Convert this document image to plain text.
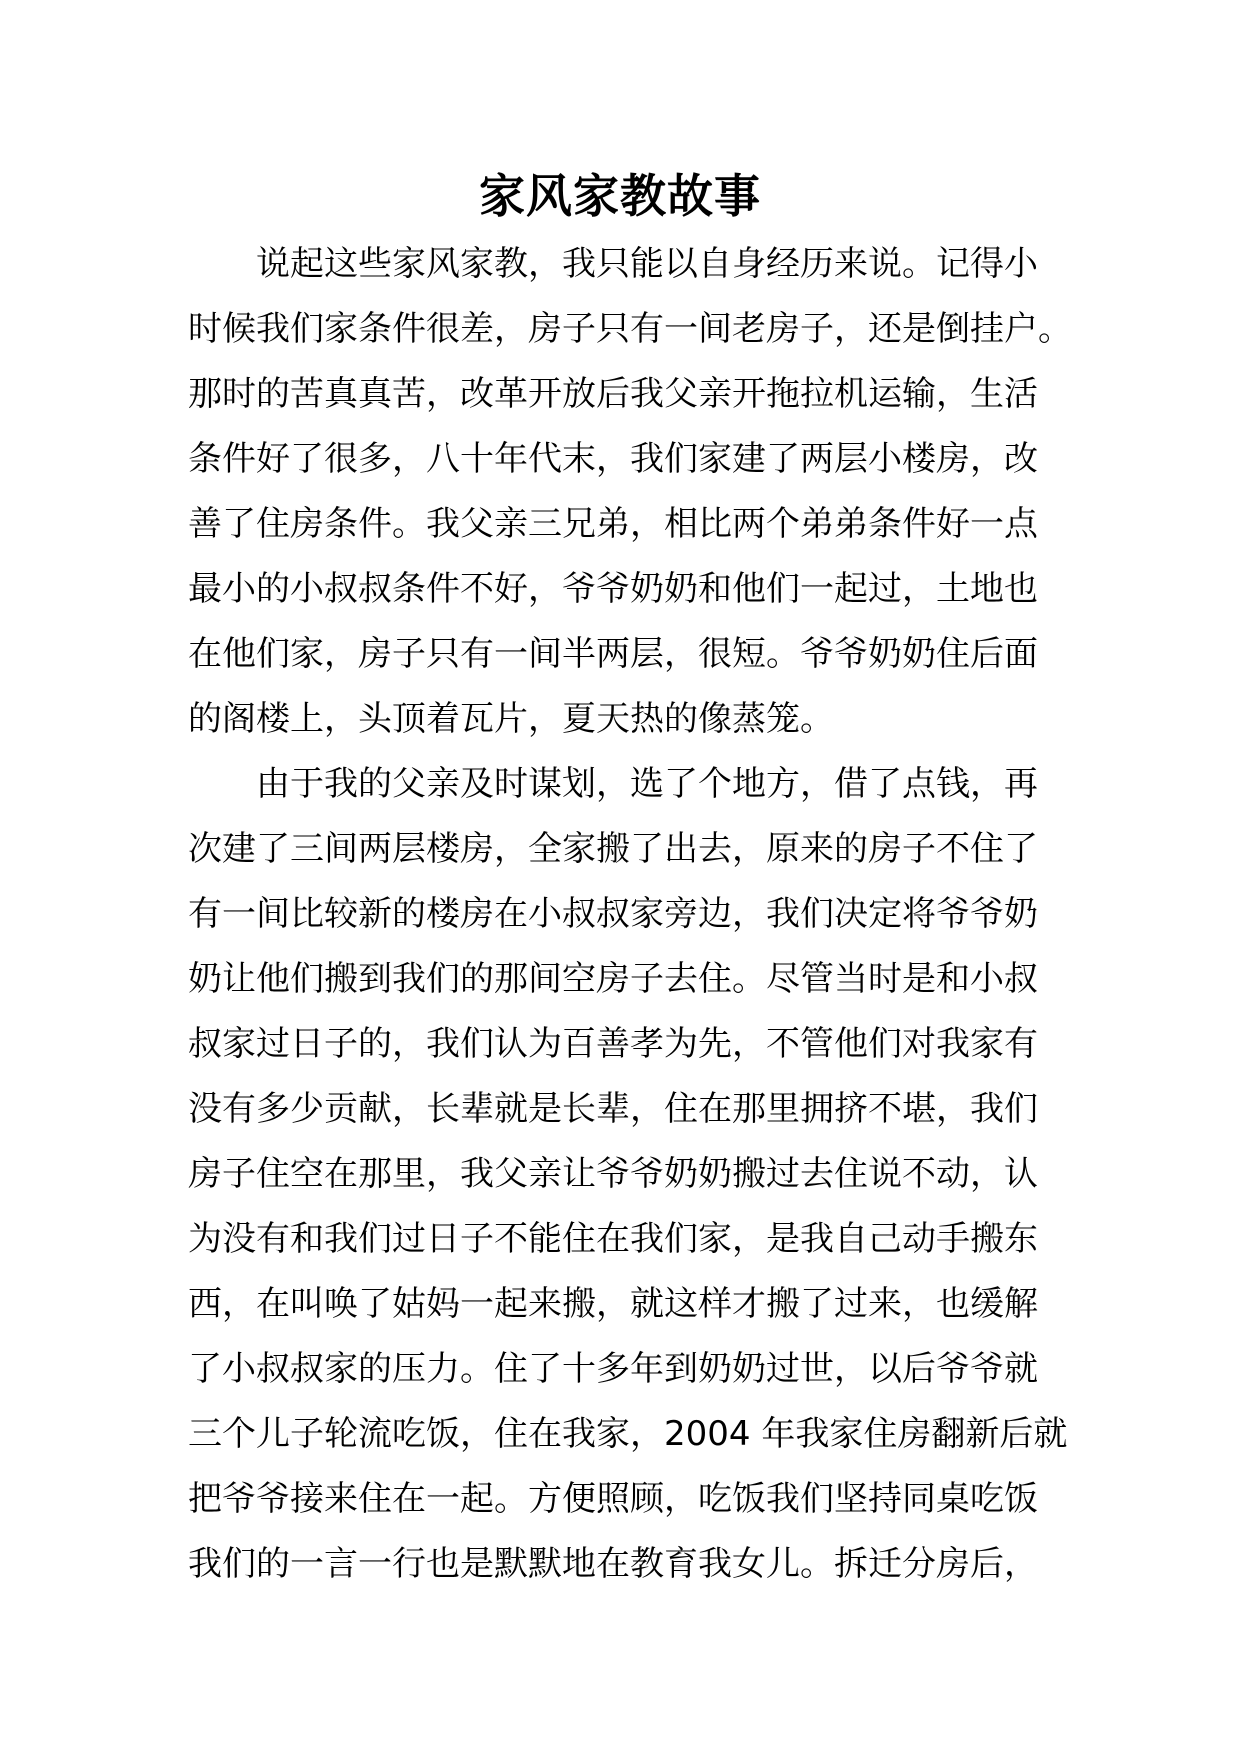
家风家教故事
说起这些家风家教，我只能以自身经历来说。记得小
时候我们家条件很差，房子只有一间老房子，还是倒挂户。
那时的苦真真苦，改革开放后我父亲开拖拉机运输，生活
条件好了很多，八十年代末，我们家建了两层小楼房，改
善了住房条件。我父亲三兄弟，相比两个弟弟条件好一点
最小的小叔叔条件不好，爷爷奶奶和他们一起过，土地也
在他们家，房子只有一间半两层，很短。爷爷奶奶住后面
的阁楼上，头顶着瓦片，夏天热的像蒸笼。
由于我的父亲及时谋划，选了个地方，借了点钱，再
次建了三间两层楼房，全家搬了出去，原来的房子不住了
有一间比较新的楼房在小叔叔家旁边，我们决定将爷爷奶
奶让他们搬到我们的那间空房子去住。尽管当时是和小叔
叔家过日子的，我们认为百善孝为先，不管他们对我家有
没有多少贡献，长辈就是长辈，住在那里拥挤不堪，我们
房子住空在那里，我父亲让爷爷奶奶搬过去住说不动，认
为没有和我们过日子不能住在我们家，是我自己动手搬东
西，在叫唤了姑妈一起来搬，就这样才搬了过来，也缓解
了小叔叔家的压力。住了十多年到奶奶过世，以后爷爷就
三个儿子轮流吃饭，住在我家，2004 年我家住房翻新后就
把爷爷接来住在一起。方便照顾，吃饭我们坚持同桌吃饭
我们的一言一行也是默默地在教育我女儿。拆迁分房后，
